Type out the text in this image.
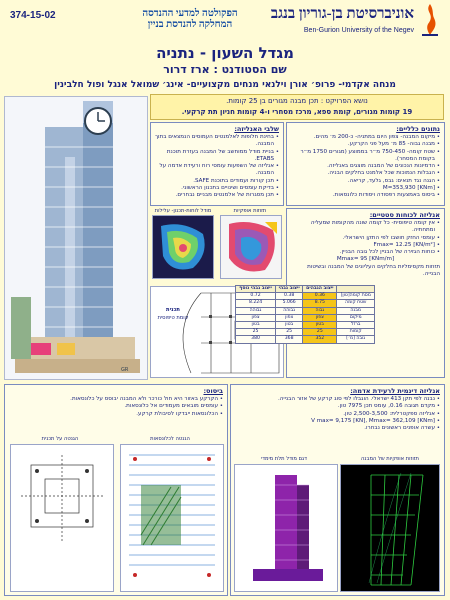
374-15-02	הפקולטה למדעי ההנדסה
המחלקה להנדסת בניין
אוניברסיטת בן-גוריון בנגב
Ben-Gurion University of the Negev
מגדל השעון - נתניה
שם הסטודנט : ארז דרור
מנחה אקדמי- פרופ׳ אורן וילנאי מנחים מקצועיים- אינג׳ שמואל אנגל ופול חלבינין
נושא הפרויקט : תכן מבנה מגורים בן 25 קומות.
19 קומות מגורים, קומת ספא, מרכז מסחרי ו-4 קומות חניון תת קרקעי.
GR
נתונים כלליים:
• מיקום המבנה- צפון היום במתניה- כ-200 מ׳ מהים.
• מבנה גבוה- 85 מ׳ מעל פני הקרקע.
• שטח קומה- 750-450 מ״ר בממוצע (מגורים 1750 מ״ר בקומת המסחר).
• הדמיונות הנכונים של המבנה מוצגים באנליזה.
• הגבלות הנמוכות שכל אלמנט בחלקים הבניה.
• הגנה נגד תנאים: גבס, גלעד, קריאה.
• M=353,930 [KNm]
• ביסוס באמצעות רפסודה ויסודות כלונסאות.
שלבי האנליזה:
• בחינת חלופות לאלמנטים העמוסים הנמצאים בתוך המבנה.
• בניית מודל ממוחשב של המבנה בעזרת תוכנת ETABS.
• אנליזה של השפעות עומסי רוח ורעידת אדמה על המבנה.
• תכן קורות ועמודים בתוכנת SAFE.
• בדיקת עומסים ושינויים בתכנון הראשוני.
• תכן מסגרות של אלמנטים מבניים נבחרים.
מודל לוחות-תכנון- עלילות	תזוזות אופקיות
תכנית
קומת טיפוסית
אנליזה לכוחות סטטיים:
• אין קומה טיפוסית- כל קומה שונה מהקומות שמעליה ומתחתיה.
• עומסי החזק חושבו לפי התקן הישראלי.
• Fmax= 12.25 [KN/m²]
• כוחות הגזירה של הבניין לכל גובה הבניין.

Mmax= 95 [KNm/m]

תזוזות מקסימליות בחלקים העליונים של המבנה ובשיטות הבנייה.

	ייצוב הגבהים	ייצוב גבהי	ייצוב גבהי נוסף
מסת קומה[טון]	0.36	0.38	0.72
שטח קומה	8.75	5.066	8.224
מבנה	גבוה	גבוהה	גבוהה
מיקום	צפון	צפון	צפון
ברזל	בטון	בטון	בטון
קומות	25	25	25
גובה [מ׳]	352	368	380
אנליזה דינמית לרעידת אדמה:
• נבנה לפי תקן 413 ישראלי. הוגבלו לפי סוג קרקע של אזור הבנייה.
• מקדם תגובה 0.16, עומס תכן 7975 טון.
• אנליזה ספקטרלית: 2,500-3,500 טון.
• V max= 9,175 [KN], Mmax= 362,109 [KNm]
• עשרה אופנים ראשונים נבחרו.
תזוזות אופקיות של המבנה
דגם מודל תלת מימדי
ביסוס:
• הקרקע באזור היא חול כורכר ולא המבנה יבוסס על כלונסאות.
• עומסים מובאים מעמודים אל כלונסאות.
• הכלונסאות ייבדקו לסיבולת קרקע.
הגנטה לכלונסאות
הגנטה על תכנית
